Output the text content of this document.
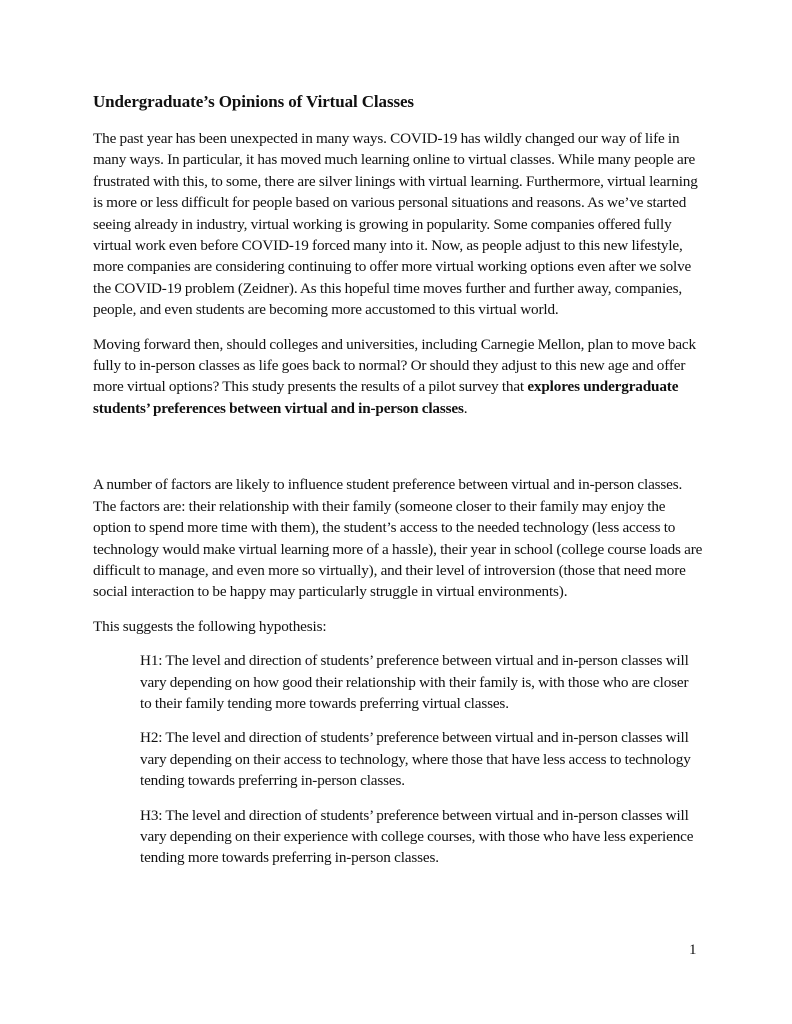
Undergraduate’s Opinions of Virtual Classes

The past year has been unexpected in many ways. COVID-19 has wildly changed our way of life in many ways. In particular, it has moved much learning online to virtual classes. While many people are frustrated with this, to some, there are silver linings with virtual learning. Furthermore, virtual learning is more or less difficult for people based on various personal situations and reasons. As we’ve started seeing already in industry, virtual working is growing in popularity. Some companies offered fully virtual work even before COVID-19 forced many into it. Now, as people adjust to this new lifestyle, more companies are considering continuing to offer more virtual working options even after we solve the COVID-19 problem (Zeidner). As this hopeful time moves further and further away, companies, people, and even students are becoming more accustomed to this virtual world.

Moving forward then, should colleges and universities, including Carnegie Mellon, plan to move back fully to in-person classes as life goes back to normal? Or should they adjust to this new age and offer more virtual options? This study presents the results of a pilot survey that explores undergraduate students’ preferences between virtual and in-person classes.

A number of factors are likely to influence student preference between virtual and in-person classes. The factors are: their relationship with their family (someone closer to their family may enjoy the option to spend more time with them), the student’s access to the needed technology (less access to technology would make virtual learning more of a hassle), their year in school (college course loads are difficult to manage, and even more so virtually), and their level of introversion (those that need more social interaction to be happy may particularly struggle in virtual environments).

This suggests the following hypothesis:

H1: The level and direction of students’ preference between virtual and in-person classes will vary depending on how good their relationship with their family is, with those who are closer to their family tending more towards preferring virtual classes.

H2: The level and direction of students’ preference between virtual and in-person classes will vary depending on their access to technology, where those that have less access to technology tending towards preferring in-person classes.

H3: The level and direction of students’ preference between virtual and in-person classes will vary depending on their experience with college courses, with those who have less experience tending more towards preferring in-person classes.

1
